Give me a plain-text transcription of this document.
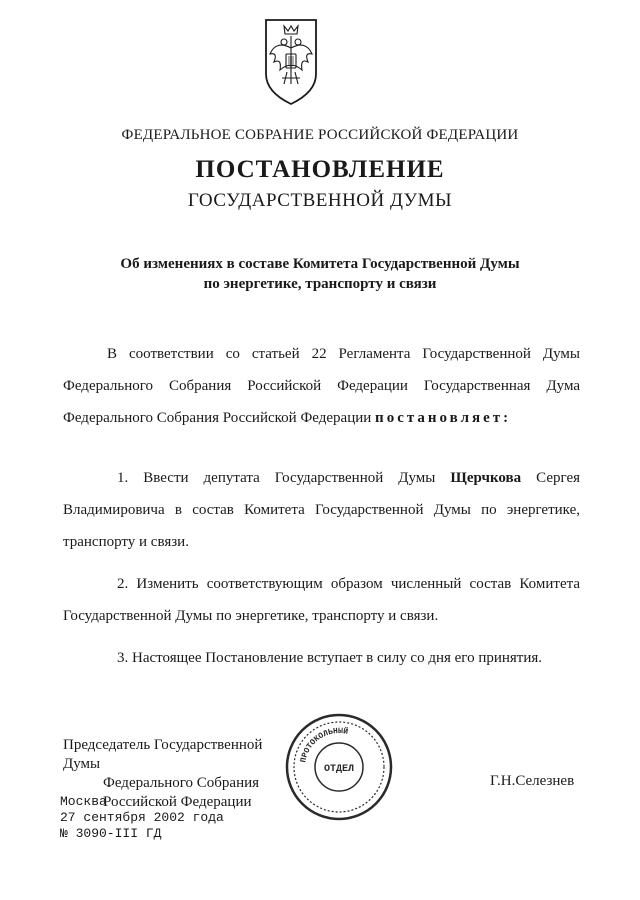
ФЕДЕРАЛЬНОЕ СОБРАНИЕ РОССИЙСКОЙ ФЕДЕРАЦИИ
ПОСТАНОВЛЕНИЕ
ГОСУДАРСТВЕННОЙ ДУМЫ
Об изменениях в составе Комитета Государственной Думы
по энергетике, транспорту и связи
В соответствии со статьей 22 Регламента Государственной Думы
Федерального Собрания Российской Федерации Государственная Дума
Федерального Собрания Российской Федерации постановляет:
1. Ввести депутата Государственной Думы Щерчкова Сергея
Владимировича в состав Комитета Государственной Думы по энергетике,
транспорту и связи.
2. Изменить соответствующим образом численный состав Комитета
Государственной Думы по энергетике, транспорту и связи.
3. Настоящее Постановление вступает в силу со дня его принятия.
Председатель Государственной Думы
Федерального Собрания
Российской Федерации
ПРОТОКОЛЬНЫЙ
ОТДЕЛ
Г.Н.Селезнев
Москва
27 сентября 2002 года
№ 3090-III ГД
